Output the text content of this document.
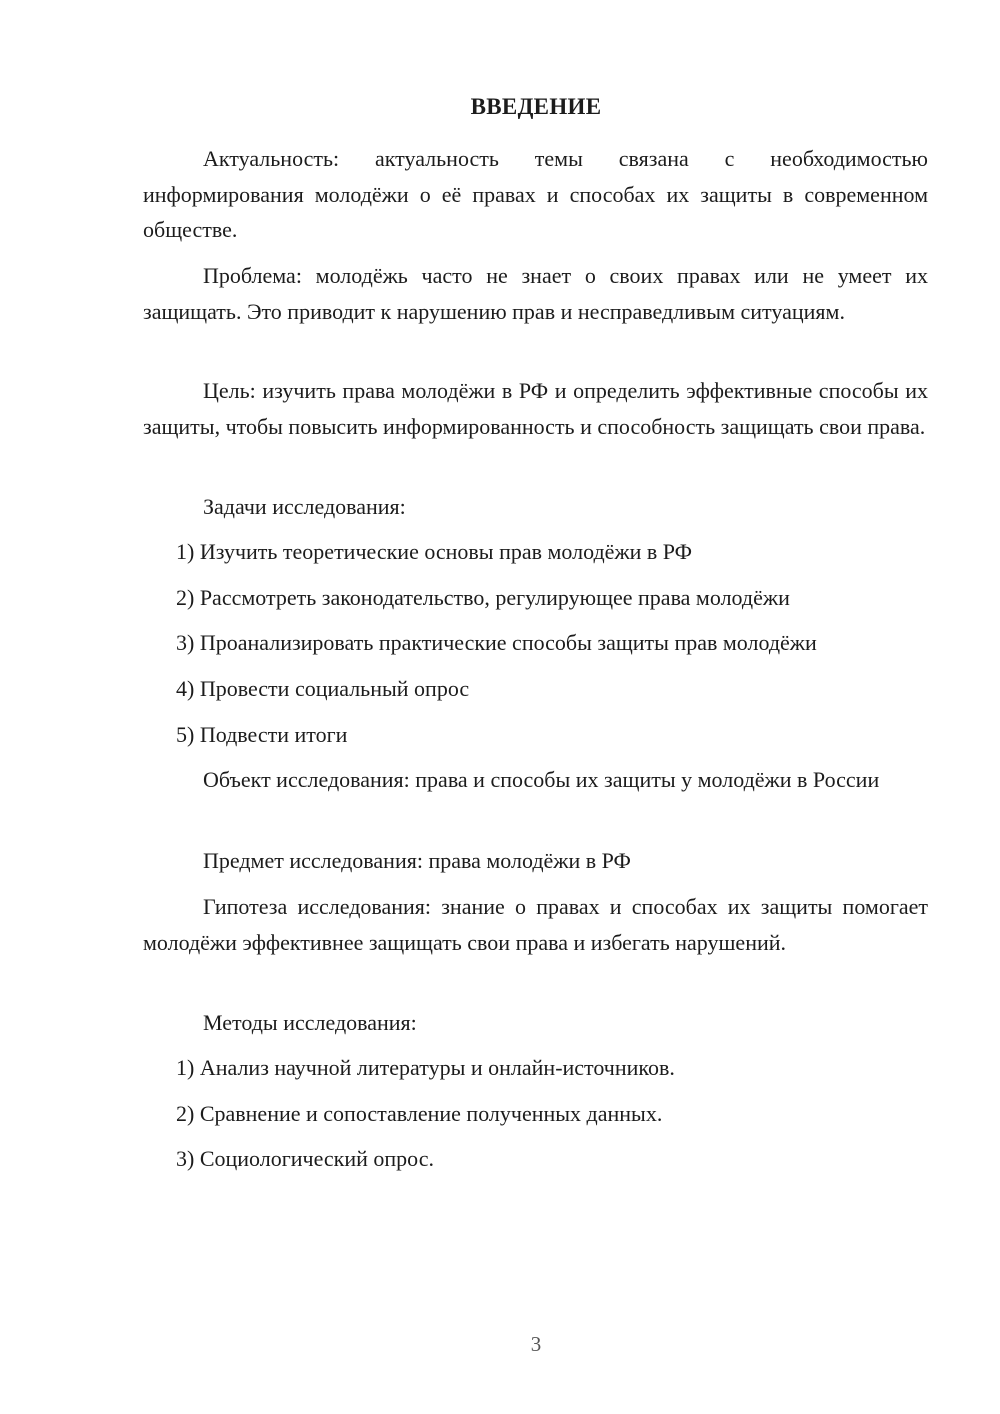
ВВЕДЕНИЕ

Актуальность: актуальность темы связана с необходимостью информирования молодёжи о её правах и способах их защиты в современном обществе.

Проблема: молодёжь часто не знает о своих правах или не умеет их защищать. Это приводит к нарушению прав и несправедливым ситуациям.

Цель: изучить права молодёжи в РФ и определить эффективные способы их защиты, чтобы повысить информированность и способность защищать свои права.

Задачи исследования:
1) Изучить теоретические основы прав молодёжи в РФ
2) Рассмотреть законодательство, регулирующее права молодёжи
3) Проанализировать практические способы защиты прав молодёжи
4) Провести социальный опрос
5) Подвести итоги

Объект исследования: права и способы их защиты у молодёжи в России

Предмет исследования: права молодёжи в РФ

Гипотеза исследования: знание о правах и способах их защиты помогает молодёжи эффективнее защищать свои права и избегать нарушений.

Методы исследования:
1) Анализ научной литературы и онлайн-источников.
2) Сравнение и сопоставление полученных данных.
3) Социологический опрос.
3
